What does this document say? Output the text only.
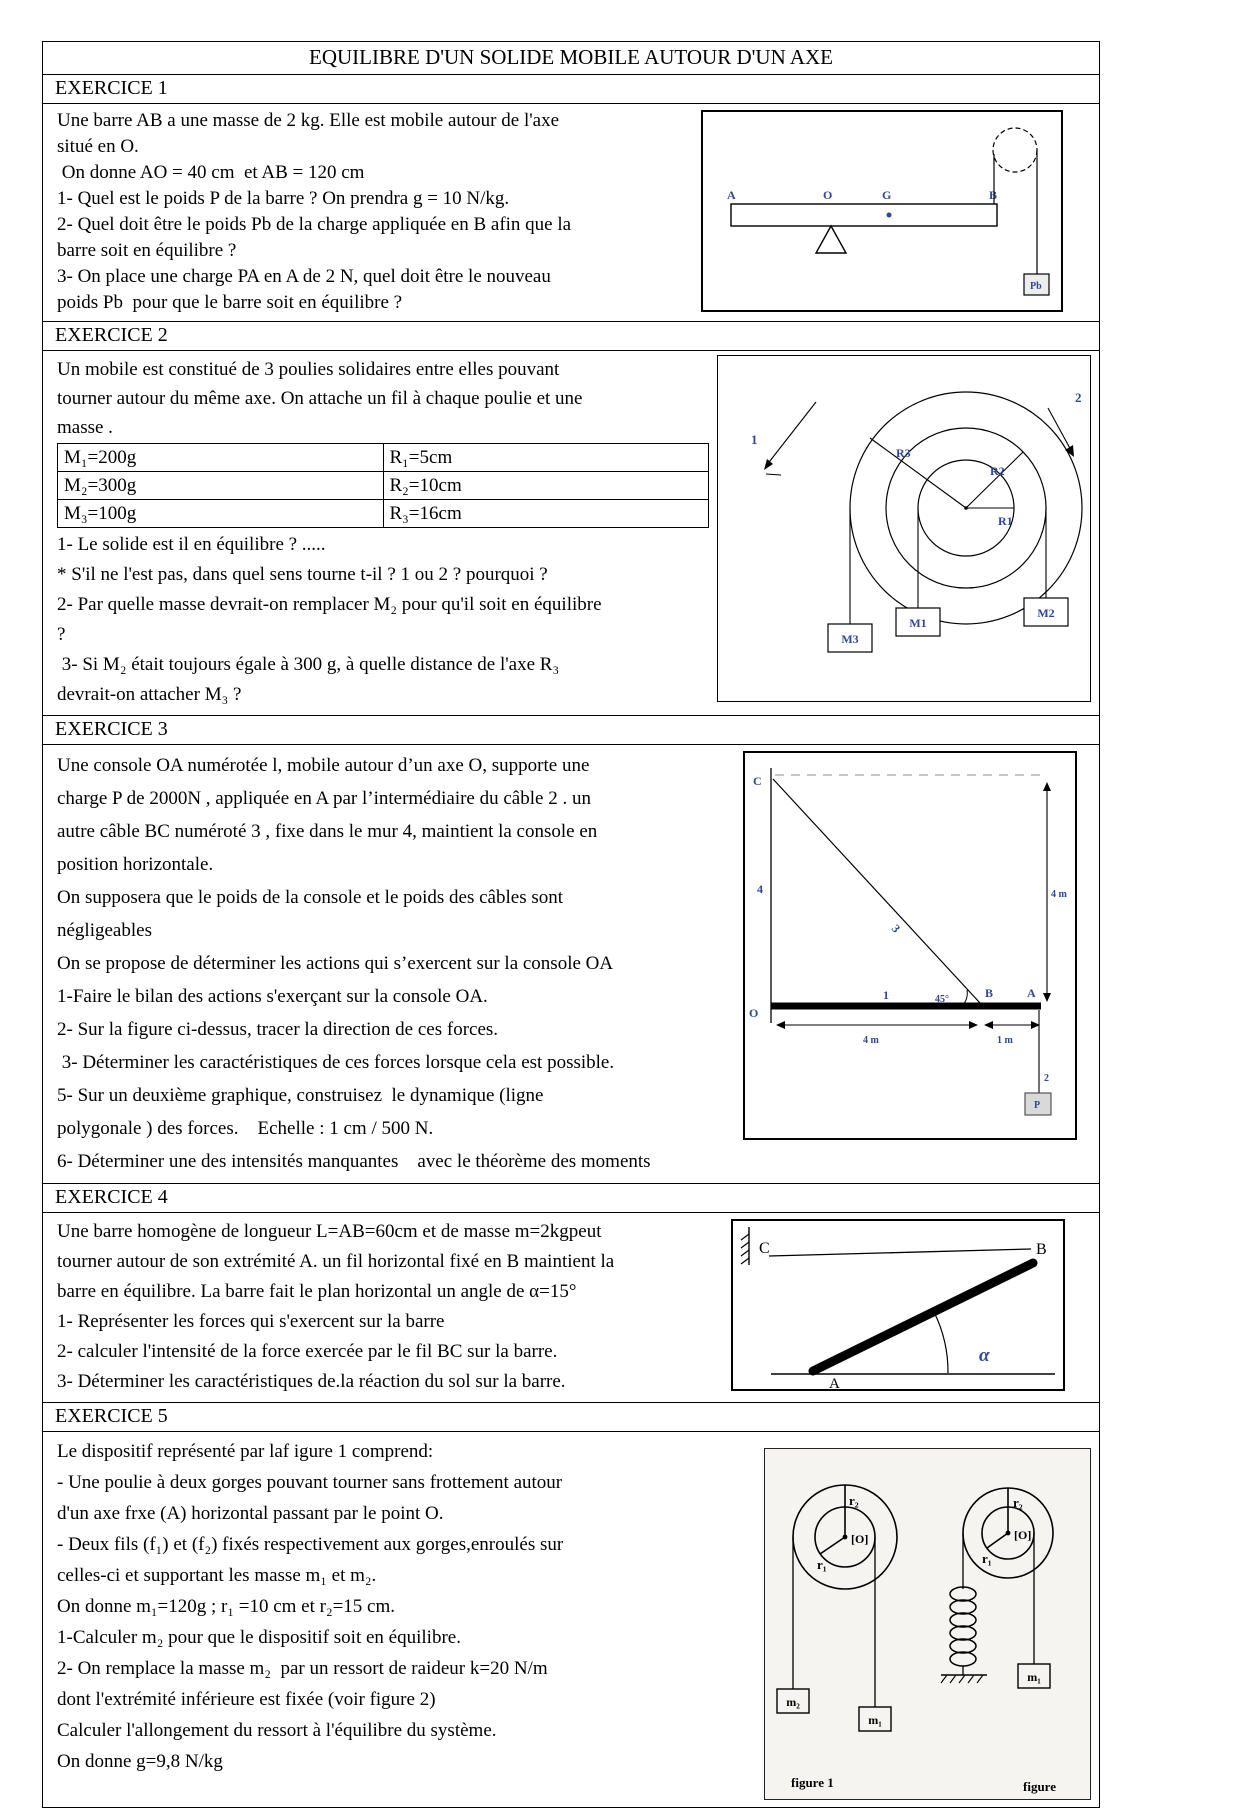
EQUILIBRE D'UN SOLIDE MOBILE AUTOUR D'UN AXE
EXERCICE 1
A	O	G	B
Pb
Une barre AB a une masse de 2 kg. Elle est mobile autour de l'axe
situé en O.
On donne AO = 40 cm  et AB = 120 cm
1- Quel est le poids P de la barre ? On prendra g = 10 N/kg.
2- Quel doit être le poids Pb de la charge appliquée en B afin que la
barre soit en équilibre ?
3- On place une charge PA en A de 2 N, quel doit être le nouveau
poids Pb  pour que le barre soit en équilibre ?
EXERCICE 2
R1
R2
R3
1
2
M3
M1
M2
Un mobile est constitué de 3 poulies solidaires entre elles pouvant
tourner autour du même axe. On attache un fil à chaque poulie et une
masse .
M₁=200g	R₁=5cm
M₂=300g	R₂=10cm
M₃=100g	R₃=16cm
1- Le solide est il en équilibre ? .....
* S'il ne l'est pas, dans quel sens tourne t-il ? 1 ou 2 ? pourquoi ?
2- Par quelle masse devrait-on remplacer M₂ pour qu'il soit en équilibre
?
3- Si M₂ était toujours égale à 300 g, à quelle distance de l'axe R₃
devrait-on attacher M₃ ?
EXERCICE 3
C
4
O
3
45°	B	A
1
4 m
4 m	1 m
2
P
Une console OA numérotée l, mobile autour d’un axe O, supporte une
charge P de 2000N , appliquée en A par l’intermédiaire du câble 2 . un
autre câble BC numéroté 3 , fixe dans le mur 4, maintient la console en
position horizontale.
On supposera que le poids de la console et le poids des câbles sont
négligeables
On se propose de déterminer les actions qui s’exercent sur la console OA
1-Faire le bilan des actions s'exerçant sur la console OA.
2- Sur la figure ci-dessus, tracer la direction de ces forces.
3- Déterminer les caractéristiques de ces forces lorsque cela est possible.
5- Sur un deuxième graphique, construisez  le dynamique (ligne
polygonale ) des forces.    Echelle : 1 cm / 500 N.
6- Déterminer une des intensités manquantes    avec le théorème des moments
EXERCICE 4
C	B
α
A
Une barre homogène de longueur L=AB=60cm et de masse m=2kgpeut
tourner autour de son extrémité A. un fil horizontal fixé en B maintient la
barre en équilibre. La barre fait le plan horizontal un angle de α=15°
1- Représenter les forces qui s'exercent sur la barre
2- calculer l'intensité de la force exercée par le fil BC sur la barre.
3- Déterminer les caractéristiques de.la réaction du sol sur la barre.
EXERCICE 5
r₂
r₁
[O]
m₂
m₁
figure 1
r₂
r₁
[O]
m₁
figure
Le dispositif représenté par laf igure 1 comprend:
- Une poulie à deux gorges pouvant tourner sans frottement autour
d'un axe frxe (A) horizontal passant par le point O.
- Deux fils (f₁) et (f₂) fixés respectivement aux gorges,enroulés sur
celles-ci et supportant les masse m₁ et m₂.
On donne m₁=120g ; r₁ =10 cm et r₂=15 cm.
1-Calculer m₂ pour que le dispositif soit en équilibre.
2- On remplace la masse m₂  par un ressort de raideur k=20 N/m
dont l'extrémité inférieure est fixée (voir figure 2)
Calculer l'allongement du ressort à l'équilibre du système.
On donne g=9,8 N/kg
